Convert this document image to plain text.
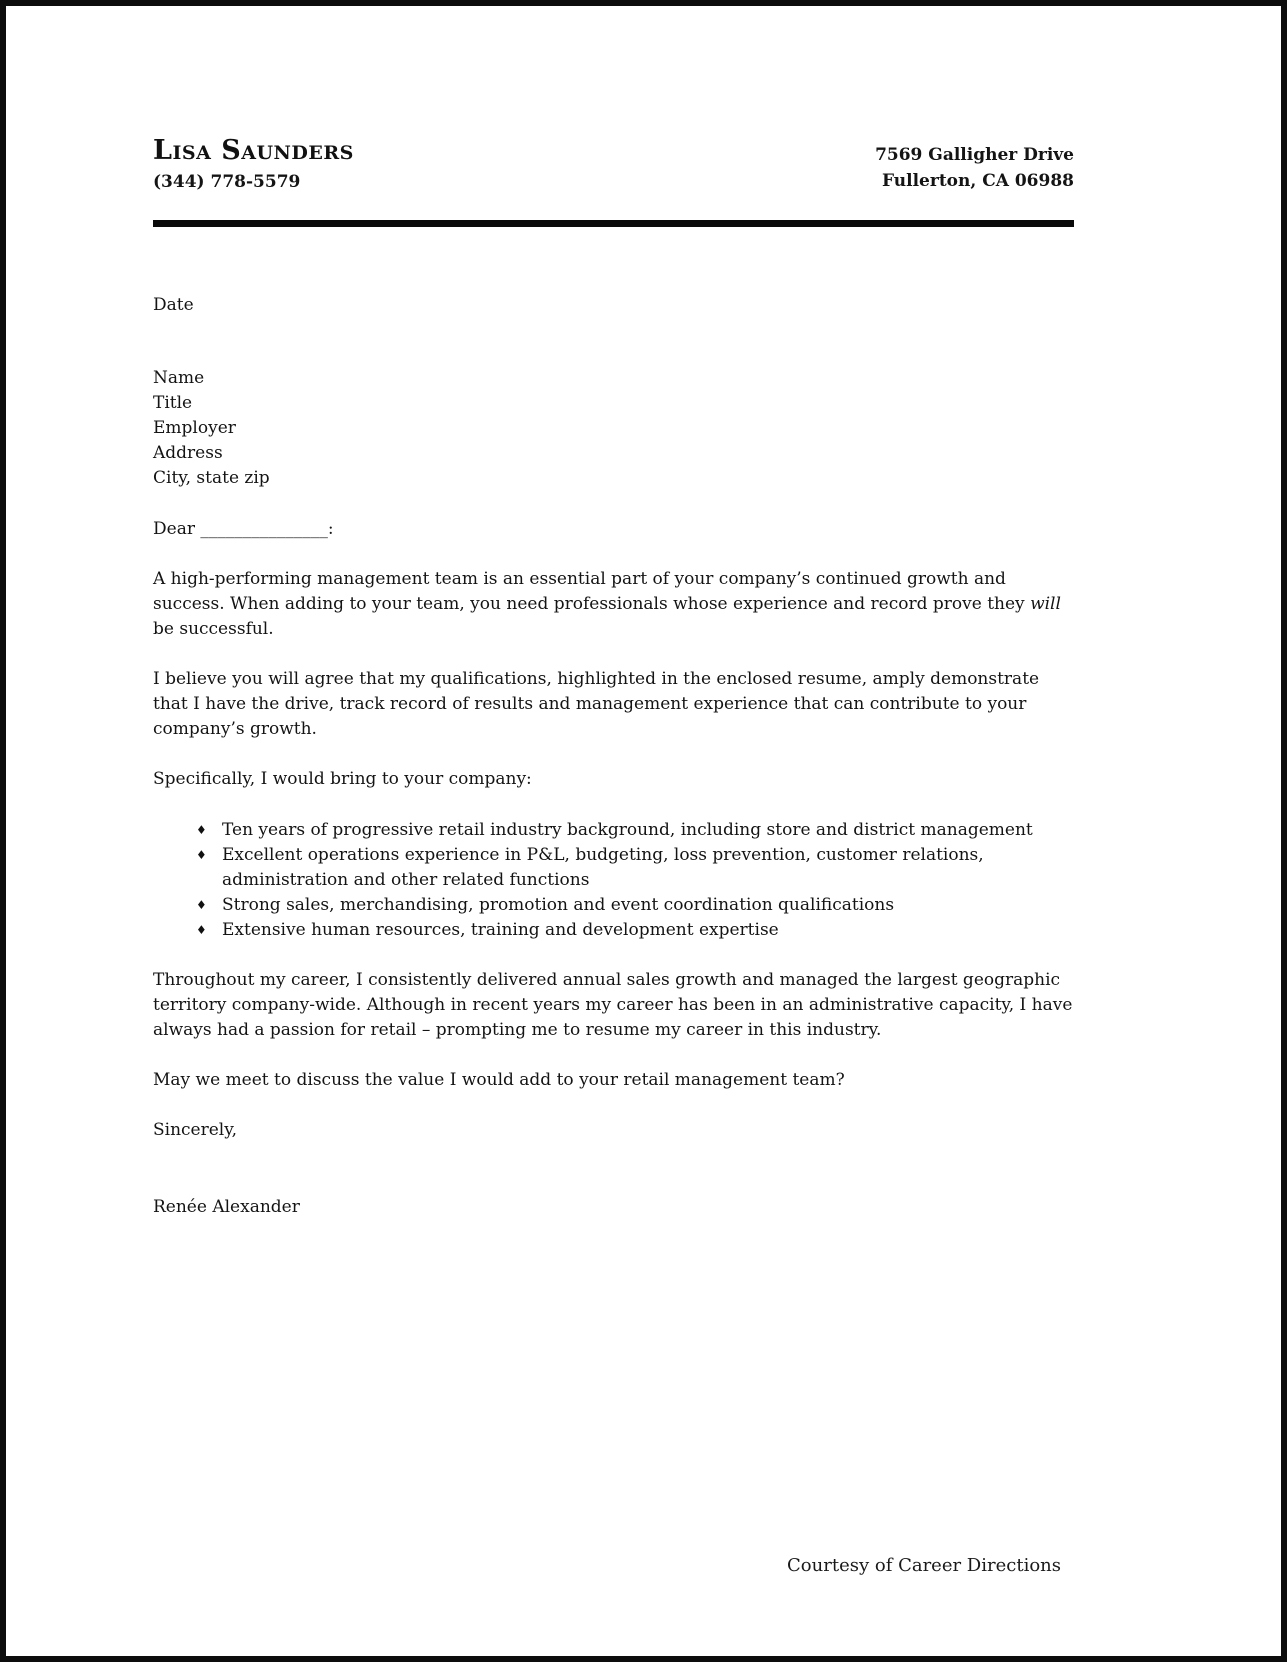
Lisa Saunders
(344) 778-5579
7569 Galligher Drive
Fullerton, CA 06988
Date
Name
Title
Employer
Address
City, state zip
Dear _______________:

A high-performing management team is an essential part of your company’s continued growth and success. When adding to your team, you need professionals whose experience and record prove they will be successful.

I believe you will agree that my qualifications, highlighted in the enclosed resume, amply demonstrate that I have the drive, track record of results and management experience that can contribute to your company’s growth.

Specifically, I would bring to your company:

♦ Ten years of progressive retail industry background, including store and district management
♦ Excellent operations experience in P&L, budgeting, loss prevention, customer relations, administration and other related functions
♦ Strong sales, merchandising, promotion and event coordination qualifications
♦ Extensive human resources, training and development expertise

Throughout my career, I consistently delivered annual sales growth and managed the largest geographic territory company-wide. Although in recent years my career has been in an administrative capacity, I have always had a passion for retail – prompting me to resume my career in this industry.

May we meet to discuss the value I would add to your retail management team?

Sincerely,
Renée Alexander
Courtesy of Career Directions
